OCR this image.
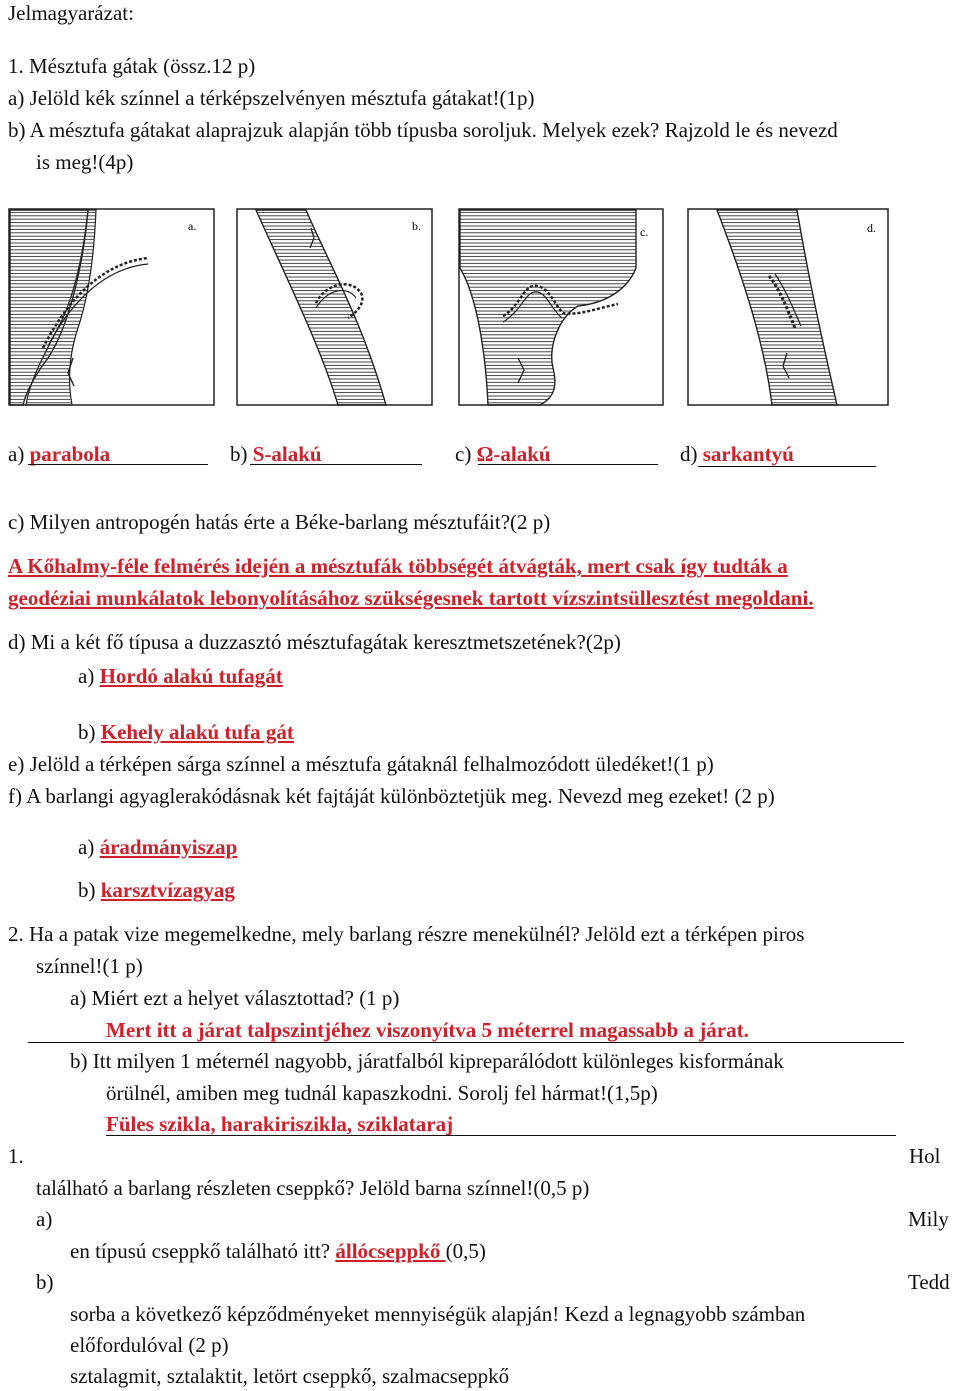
Jelmagyarázat:
1. Mésztufa gátak (össz.12 p)
a) Jelöld kék színnel a térképszelvényen mésztufa gátakat!(1p)
b) A mésztufa gátakat alaprajzuk alapján több típusba soroljuk. Melyek ezek? Rajzold le és nevezd
is meg!(4p)
a.	b.	c.	d.
a) parabola	b) S-alakú	c) Ω-alakú	d) sarkantyú
c) Milyen antropogén hatás érte a Béke-barlang mésztufáit?(2 p)
A Kőhalmy-féle felmérés idején a mésztufák többségét átvágták, mert csak így tudták a
geodéziai munkálatok lebonyolításához szükségesnek tartott vízszintsüllesztést megoldani.
d) Mi a két fő típusa a duzzasztó mésztufagátak keresztmetszetének?(2p)
a) Hordó alakú tufagát
b) Kehely alakú tufa gát
e) Jelöld a térképen sárga színnel a mésztufa gátaknál felhalmozódott üledéket!(1 p)
f) A barlangi agyaglerakódásnak két fajtáját különböztetjük meg. Nevezd meg ezeket! (2 p)
a) áradmányiszap
b) karsztvízagyag
2. Ha a patak vize megemelkedne, mely barlang részre menekülnél? Jelöld ezt a térképen piros
színnel!(1 p)
a) Miért ezt a helyet választottad? (1 p)
Mert itt a járat talpszintjéhez viszonyítva 5 méterrel magassabb a járat.
b) Itt milyen 1 méternél nagyobb, járatfalból kipreparálódott különleges kisformának
örülnél, amiben meg tudnál kapaszkodni. Sorolj fel hármat!(1,5p)
Füles szikla, harakiriszikla, sziklataraj
1.	Hol
található a barlang részleten cseppkő? Jelöld barna színnel!(0,5 p)
a)	Mily
en típusú cseppkő található itt? állócseppkő (0,5)
b)	Tedd
sorba a következő képződményeket mennyiségük alapján! Kezd a legnagyobb számban
előfordulóval (2 p)
sztalagmit, sztalaktit, letört cseppkő, szalmacseppkő
